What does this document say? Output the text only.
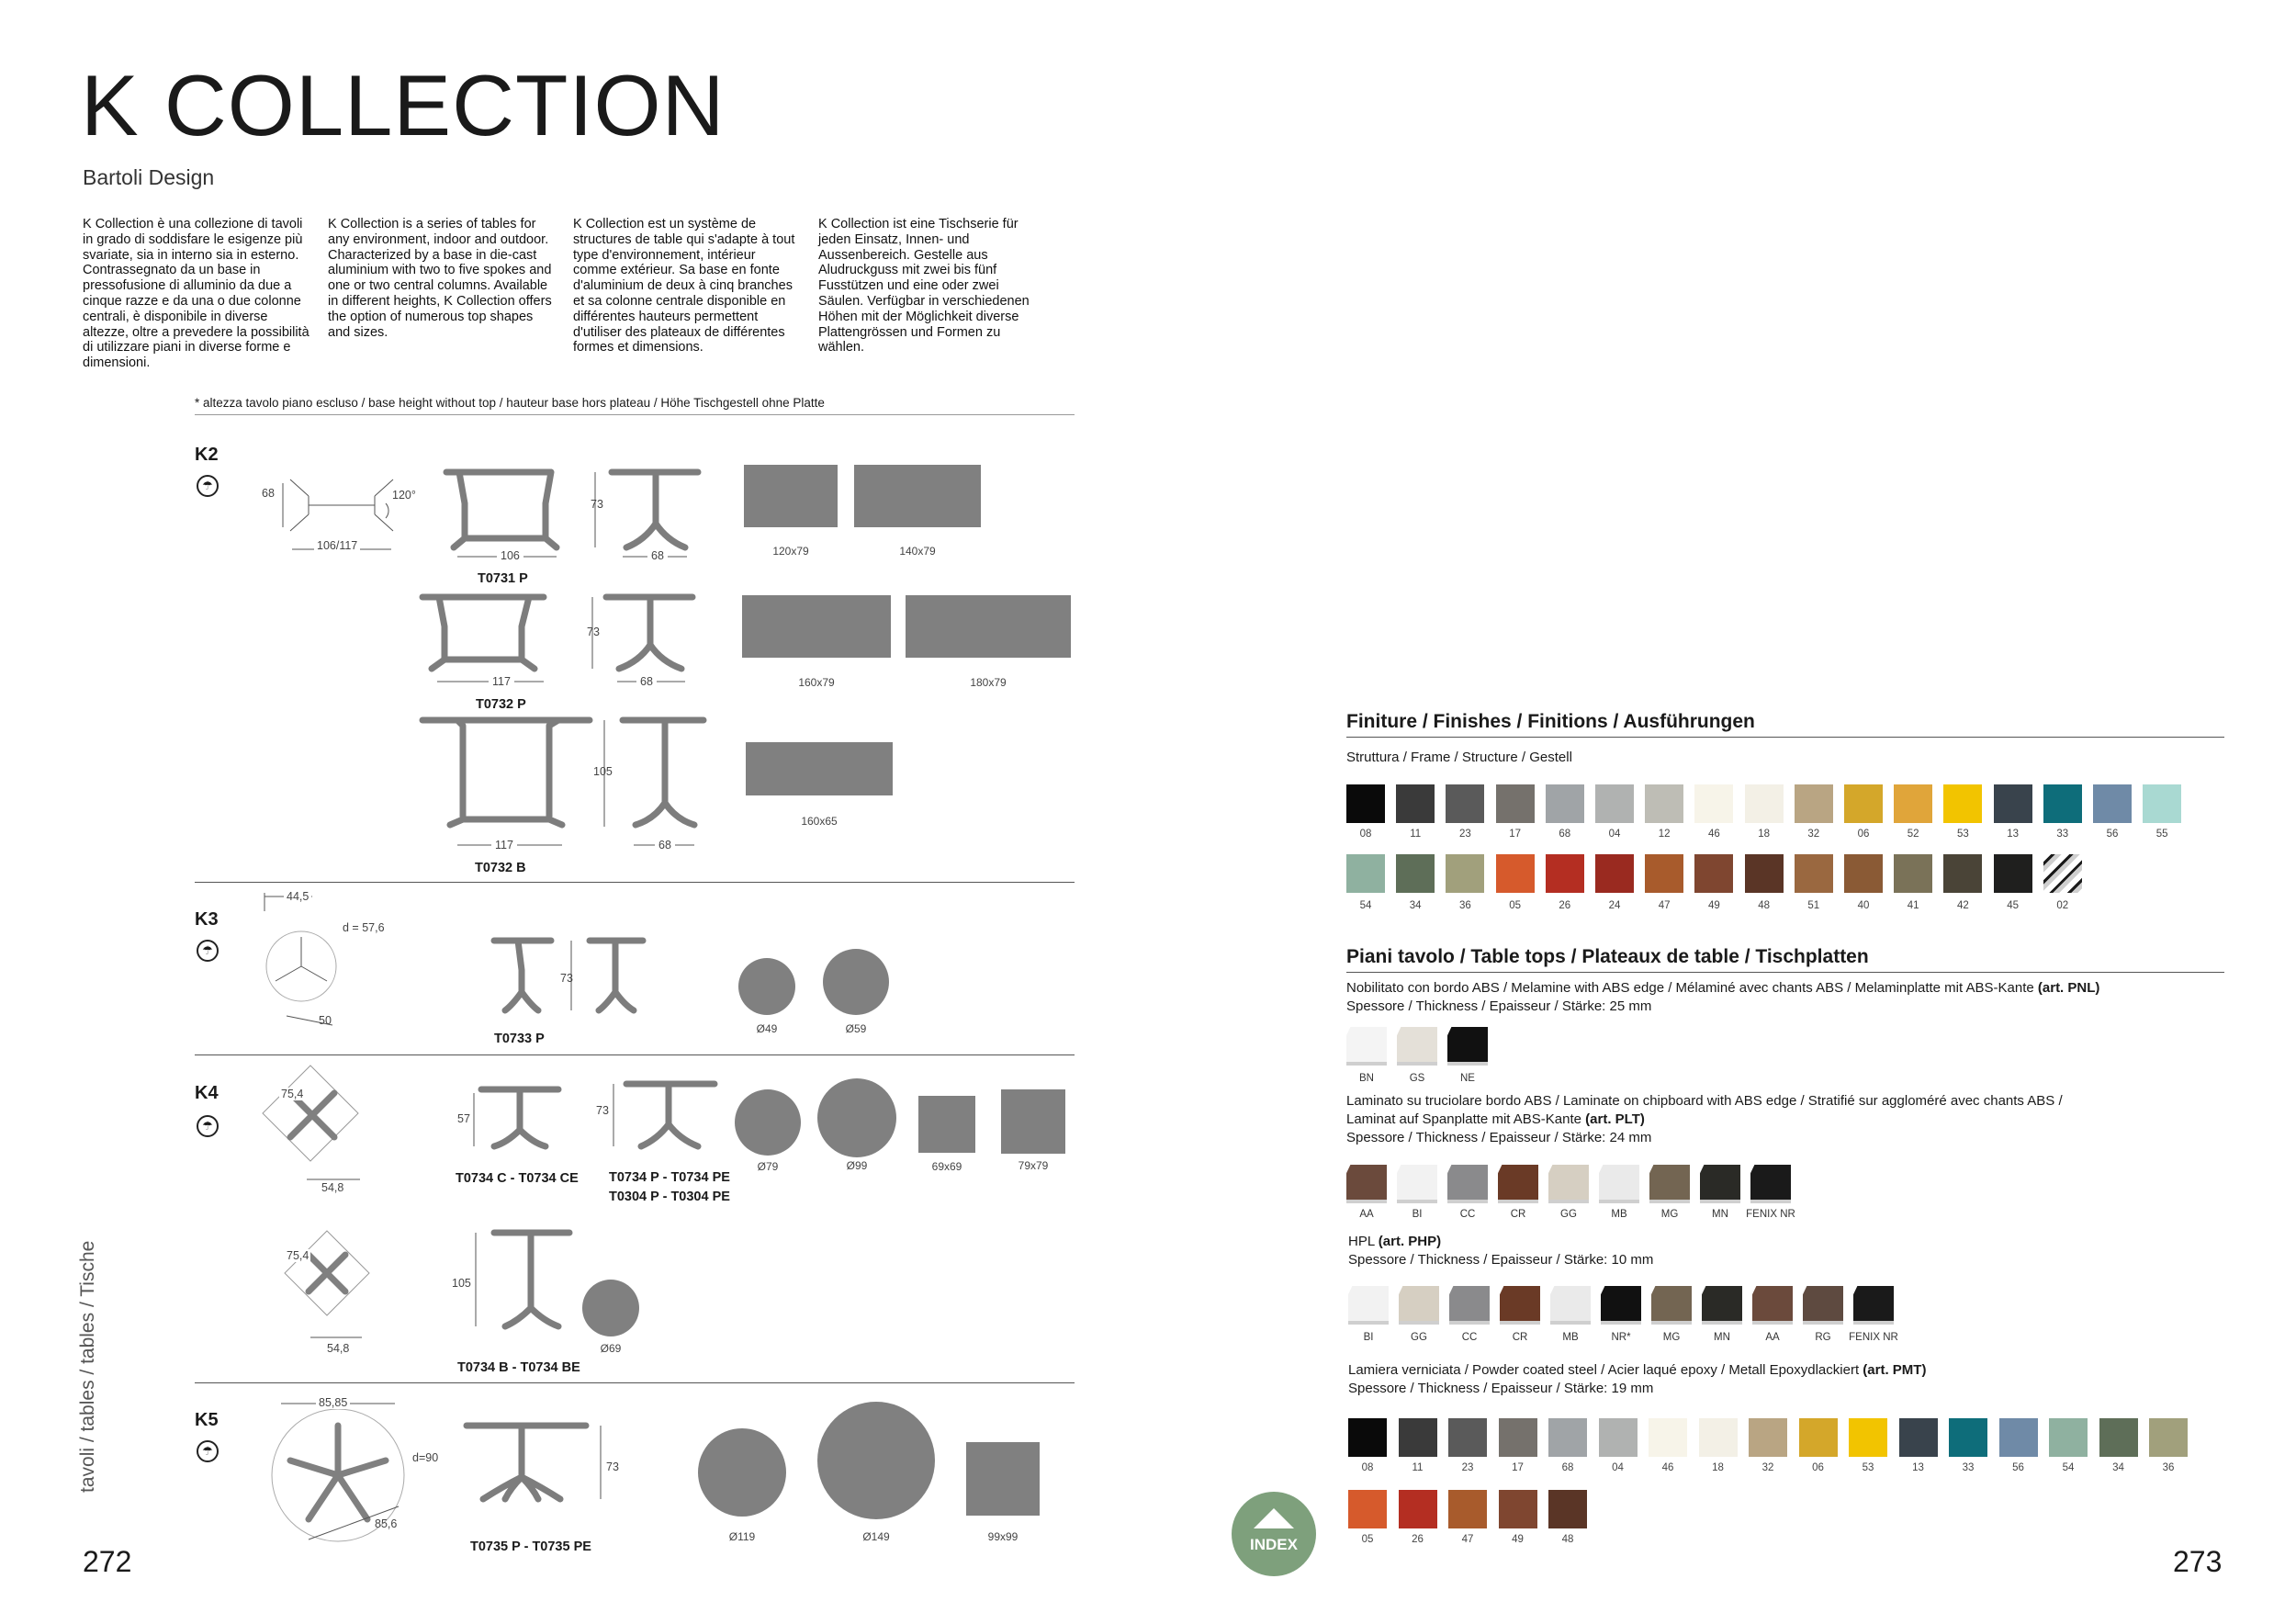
K COLLECTION
Bartoli Design
K Collection è una collezione di tavoli in grado di soddisfare le esigenze più svariate, sia in interno sia in esterno. Contrassegnato da un base in pressofusione di alluminio da due a cinque razze e da una o due colonne centrali, è disponibile in diverse altezze, oltre a prevedere la possibilità di utilizzare piani in diverse forme e dimensioni.
K Collection is a series of tables for any environment, indoor and outdoor. Characterized by a base in die-cast aluminium with two to five spokes and one or two central columns. Available in different heights, K Collection offers the option of numerous top shapes and sizes.
K Collection est un système de structures de table qui s'adapte à tout type d'environnement, intérieur comme extérieur. Sa base en fonte d'aluminium de deux à cinq branches et sa colonne centrale disponible en différentes hauteurs permettent d'utiliser des plateaux de différentes formes et dimensions.
K Collection ist eine Tischserie für jeden Einsatz, Innen- und Aussenbereich. Gestelle aus Aludruckguss mit zwei bis fünf Fusstützen und eine oder zwei Säulen. Verfügbar in verschiedenen Höhen mit der Möglichkeit diverse Plattengrössen und Formen zu wählen.
* altezza tavolo piano escluso / base height without top / hauteur base hors plateau / Höhe Tischgestell ohne Platte
K2
☂
68	120°
106/117
73
106	68
T0731 P
120x79	140x79
73
117	68
T0732 P
160x79	180x79
105
117	68
T0732 B
160x65
K3
☂
44,5
d = 57,6
50
73
T0733 P
Ø49	Ø59
K4
☂
75,4
54,8
57
T0734 C - T0734 CE
73
T0734 P - T0734 PE
T0304 P - T0304 PE
Ø79	Ø99	69x69	79x79
75,4
54,8
105
T0734 B - T0734 BE
Ø69
K5
☂
85,85
d=90
85,6
73
T0735 P - T0735 PE
Ø119	Ø149	99x99
tavoli / tables / tables / Tische
272	273
INDEX
Finiture / Finishes / Finitions / Ausführungen
Struttura / Frame / Structure / Gestell
08	11	23	17	68	04	12	46	18	32	06	52	53	13	33	56	55
54	34	36	05	26	24	47	49	48	51	40	41	42	45	02
Piani tavolo / Table tops / Plateaux de table / Tischplatten
Nobilitato con bordo ABS / Melamine with ABS edge / Mélaminé avec chants ABS / Melaminplatte mit ABS-Kante (art. PNL)
Spessore / Thickness / Epaisseur / Stärke: 25 mm
BN	GS	NE
Laminato su truciolare bordo ABS / Laminate on chipboard with ABS edge / Stratifié sur aggloméré avec chants ABS /
Laminat auf Spanplatte mit ABS-Kante (art. PLT)
Spessore / Thickness / Epaisseur / Stärke: 24 mm
AA	BI	CC	CR	GG	MB	MG	MN	FENIX NR
HPL (art. PHP)
Spessore / Thickness / Epaisseur / Stärke: 10 mm
BI	GG	CC	CR	MB	NR*	MG	MN	AA	RG	FENIX NR
Lamiera verniciata / Powder coated steel / Acier laqué epoxy / Metall Epoxydlackiert (art. PMT)
Spessore / Thickness / Epaisseur / Stärke: 19 mm
08	11	23	17	68	04	46	18	32	06	53	13	33	56	54	34	36
05	26	47	49	48
